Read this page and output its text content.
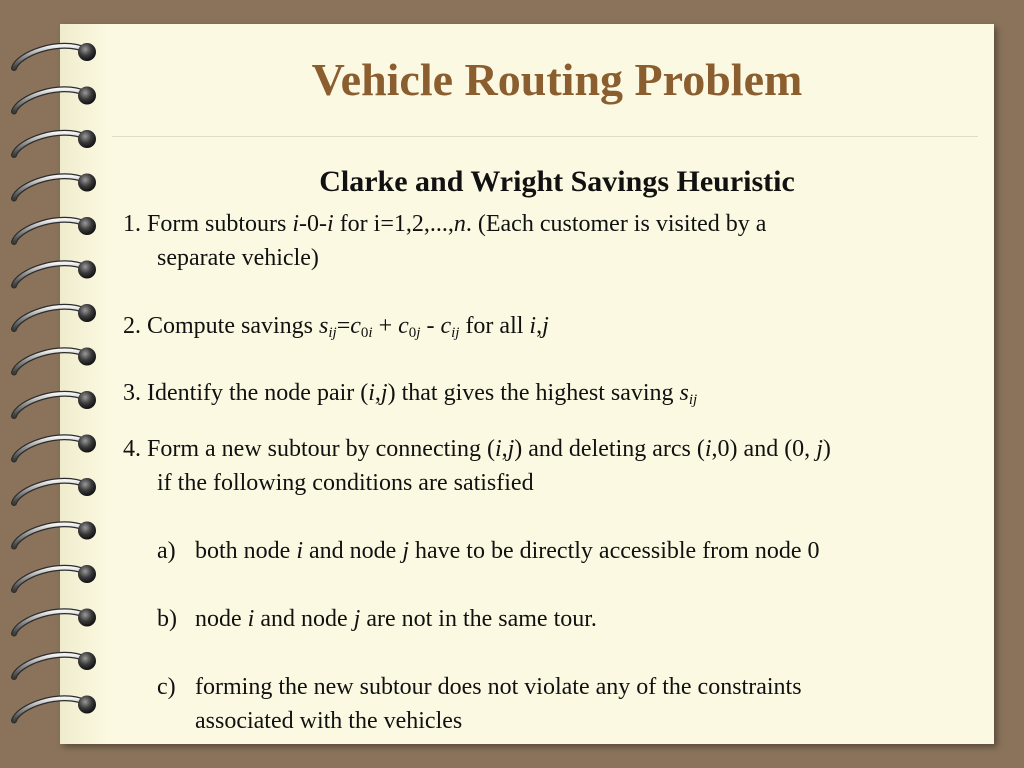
Vehicle Routing Problem
Clarke and Wright Savings Heuristic

1. Form subtours i-0-i for i=1,2,...,n. (Each customer is visited by a

separate vehicle)

2. Compute savings $s_{ij}=c_{0i} + c_{0j} - c_{ij}$ for all i,j

3. Identify the node pair (i,j) that gives the highest saving $s_{ij}$

4. Form a new subtour by connecting (i,j) and deleting arcs (i,0) and (0, j)

if the following conditions are satisfied

a) both node i and node j have to be directly accessible from node 0
b) node i and node j are not in the same tour.
c) forming the new subtour does not violate any of the constraints
associated with the vehicles
